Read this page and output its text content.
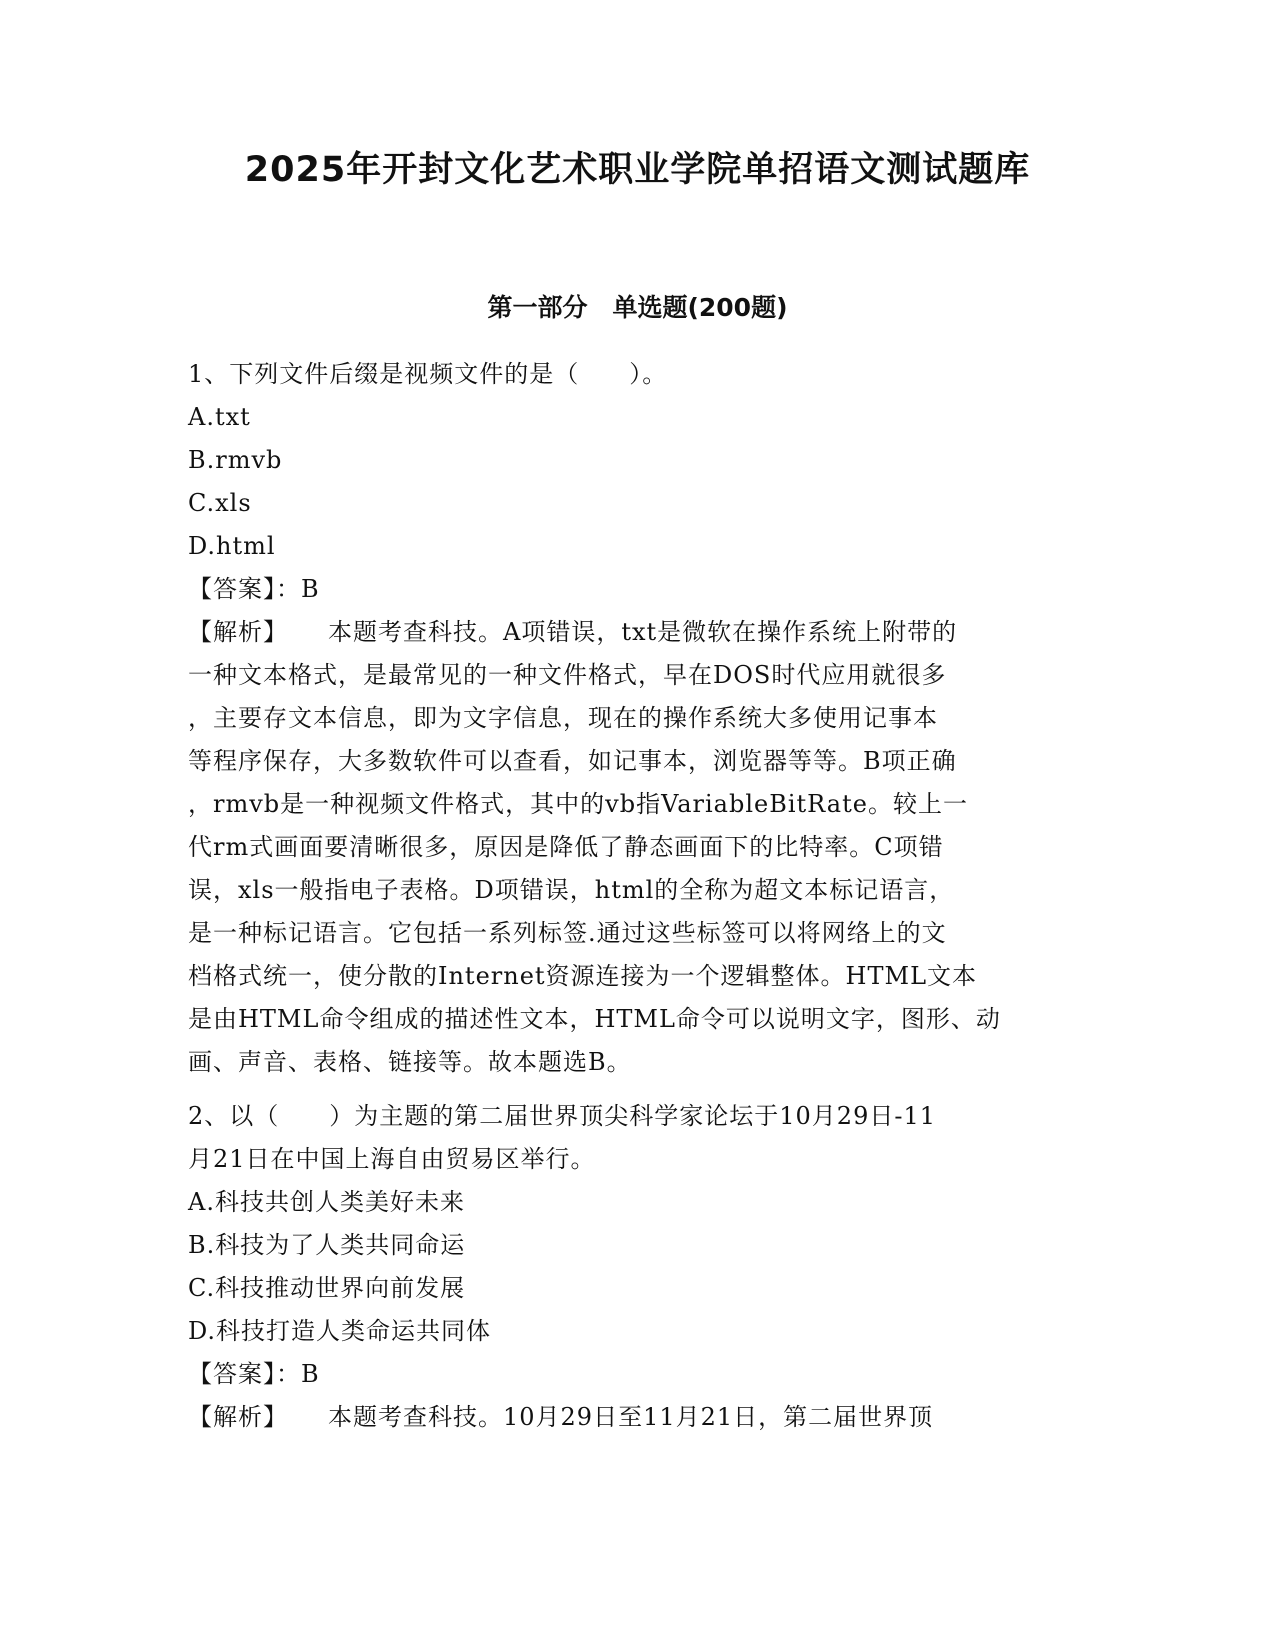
2025年开封文化艺术职业学院单招语文测试题库
第一部分　单选题(200题)
1、下列文件后缀是视频文件的是（　　）。
A.txt
B.rmvb
C.xls
D.html
【答案】：B
【解析】 本题考查科技。A项错误，txt是微软在操作系统上附带的
一种文本格式，是最常见的一种文件格式，早在DOS时代应用就很多
，主要存文本信息，即为文字信息，现在的操作系统大多使用记事本
等程序保存，大多数软件可以查看，如记事本，浏览器等等。B项正确
，rmvb是一种视频文件格式，其中的vb指VariableBitRate。较上一
代rm式画面要清晰很多，原因是降低了静态画面下的比特率。C项错
误，xls一般指电子表格。D项错误，html的全称为超文本标记语言，
是一种标记语言。它包括一系列标签.通过这些标签可以将网络上的文
档格式统一，使分散的Internet资源连接为一个逻辑整体。HTML文本
是由HTML命令组成的描述性文本，HTML命令可以说明文字，图形、动
画、声音、表格、链接等。故本题选B。
2、以（　　）为主题的第二届世界顶尖科学家论坛于10月29日-11
月21日在中国上海自由贸易区举行。
A.科技共创人类美好未来
B.科技为了人类共同命运
C.科技推动世界向前发展
D.科技打造人类命运共同体
【答案】：B
【解析】 本题考查科技。10月29日至11月21日，第二届世界顶
